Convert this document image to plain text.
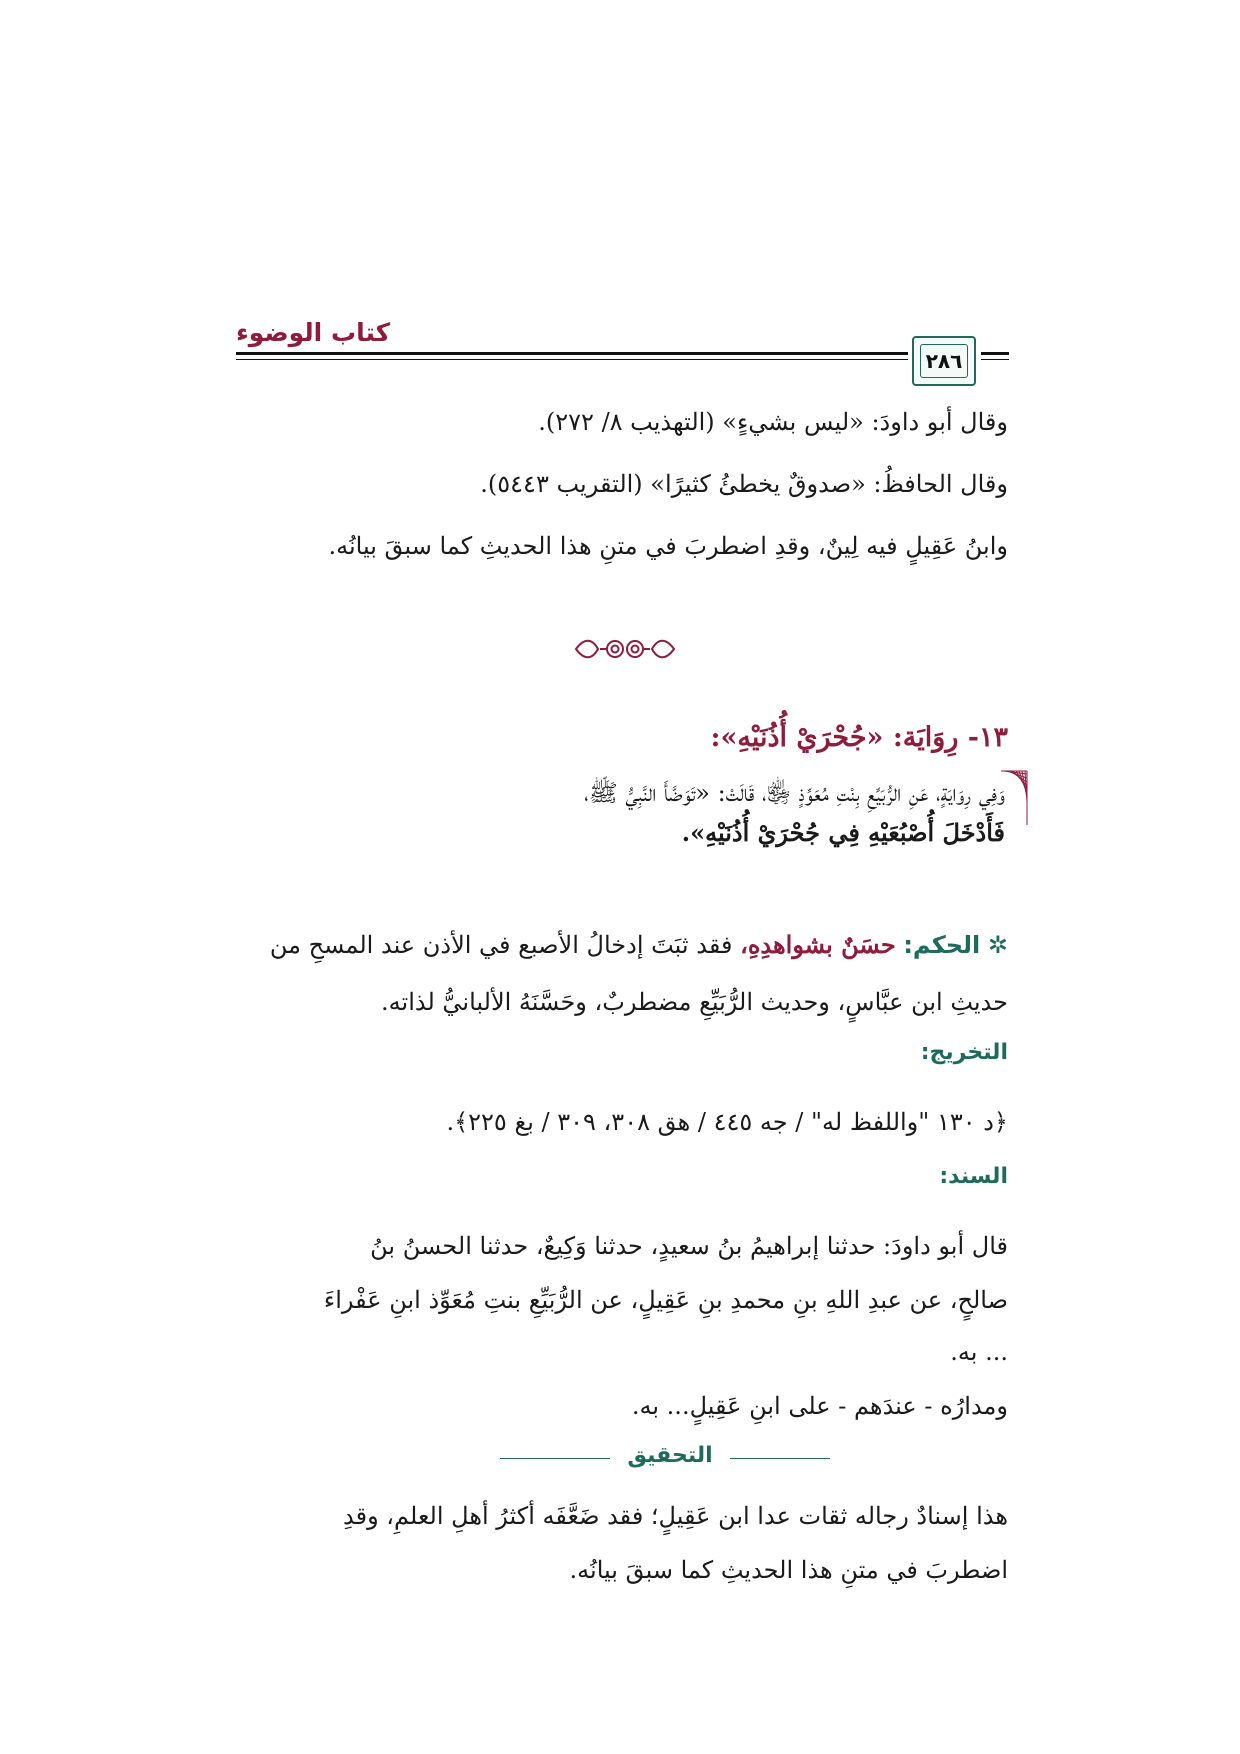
كتاب الوضوء
٢٨٦
وقال أبو داودَ: «ليس بشيءٍ» (التهذيب ٨/ ٢٧٢).
وقال الحافظُ: «صدوقٌ يخطئُ كثيرًا» (التقريب ٥٤٤٣).
وابنُ عَقِيلٍ فيه لِينٌ، وقدِ اضطربَ في متنِ هذا الحديثِ كما سبقَ بيانُه.
١٣- رِوَايَة: «جُحْرَيْ أُذُنَيْهِ»:
وَفِي رِوَايَةٍ، عَنِ الرُّبَيِّعِ بِنْتِ مُعَوِّذٍ ﵂، قَالَتْ: «تَوَضَّأَ النَّبِيُّ ﷺ،
فَأَدْخَلَ أُصْبُعَيْهِ فِي جُحْرَيْ أُذُنَيْهِ».
✲ الحكم: حسَنٌ بشواهدِهِ، فقد ثبَتَ إدخالُ الأصبع في الأذن عند المسحِ من
حديثِ ابن عبَّاسٍ، وحديث الرُّبَيِّعِ مضطربٌ، وحَسَّنَهُ الألبانيُّ لذاته.
التخريج:
﴿د ١٣٠ "واللفظ له" / جه ٤٤٥ / هق ٣٠٨، ٣٠٩ / بغ ٢٢٥﴾.
السند:
قال أبو داودَ: حدثنا إبراهيمُ بنُ سعيدٍ، حدثنا وَكِيعٌ، حدثنا الحسنُ بنُ
صالحٍ، عن عبدِ اللهِ بنِ محمدِ بنِ عَقِيلٍ، عن الرُّبَيِّعِ بنتِ مُعَوِّذ ابنِ عَفْراءَ
... به.
ومدارُه - عندَهم - على ابنِ عَقِيلٍ... به.
التحقيق
هذا إسنادٌ رجاله ثقات عدا ابن عَقِيلٍ؛ فقد ضَعَّفَه أكثرُ أهلِ العلمِ، وقدِ
اضطربَ في متنِ هذا الحديثِ كما سبقَ بيانُه.
